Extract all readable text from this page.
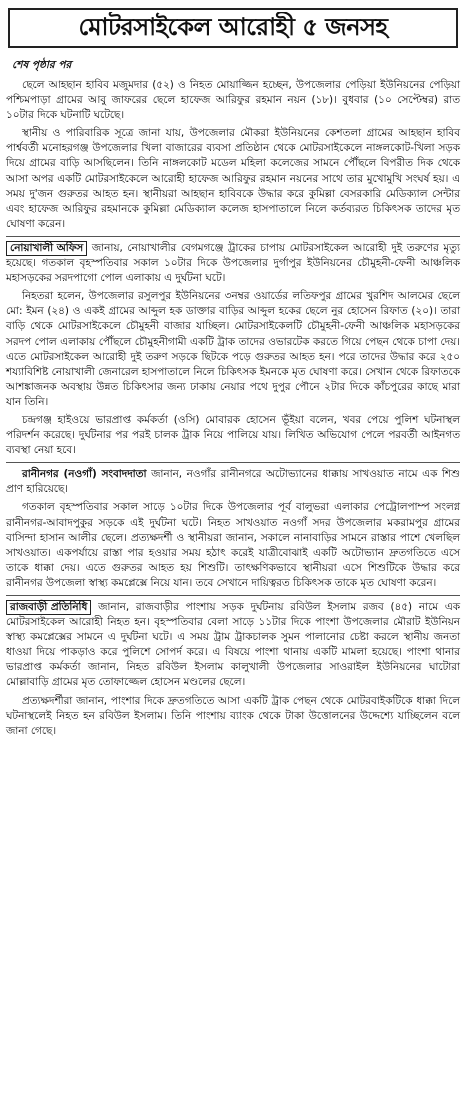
মোটরসাইকেল আরোহী ৫ জনসহ
শেষ পৃষ্ঠার পর

ছেলে আহছান হাবিব মজুমদার (৫২) ও নিহত মোয়াজ্জিন হচ্ছেন, উপজেলার পেড়িয়া ইউনিয়নের পেড়িয়া পশ্চিমপাড়া গ্রামের আবু জাফরের ছেলে হাফেজ আরিফুর রহমান নয়ন (১৮)। বুধবার (১০ সেপ্টেম্বর) রাত ১০টার দিকে ঘটনাটি ঘটেছে।

স্থানীয় ও পারিবারিক সূত্রে জানা যায়, উপজেলার মৌকরা ইউনিয়নের কেশতলা গ্রামের আহছান হাবিব পার্শ্ববর্তী মনোহরগঞ্জ উপজেলার খিলা বাজারের ব্যবসা প্রতিষ্ঠান থেকে মোটরসাইকেলে নাঙ্গলকোট-খিলা সড়ক দিয়ে গ্রামের বাড়ি আসছিলেন। তিনি নাঙ্গলকোট মডেল মহিলা কলেজের সামনে পৌঁছলে বিপরীত দিক থেকে আসা অপর একটি মোটরসাইকেলে আরোহী হাফেজ আরিফুর রহমান নয়নের সাথে তার মুখোমুখি সংঘর্ষ হয়। এ সময় দু'জন গুরুতর আহত হন। স্থানীয়রা আহছান হাবিবকে উদ্ধার করে কুমিল্লা বেসরকারি মেডিক্যাল সেন্টার এবং হাফেজ আরিফুর রহমানকে কুমিল্লা মেডিক্যাল কলেজ হাসপাতালে নিলে কর্তব্যরত চিকিৎসক তাদের মৃত ঘোষণা করেন।

নোয়াখালী অফিস জানায়, নোয়াখালীর বেগমগঞ্জে ট্রাকের চাপায় মোটরসাইকেল আরোহী দুই তরুণের মৃত্যু হয়েছে। গতকাল বৃহস্পতিবার সকাল ১০টার দিকে উপজেলার দুর্গাপুর ইউনিয়নের চৌমুহনী-ফেনী আঞ্চলিক মহাসড়কের সরদপাগো পোল এলাকায় এ দুর্ঘটনা ঘটে।

নিহতরা হলেন, উপজেলার রসুলপুর ইউনিয়নের ৩নম্বর ওয়ার্ডের লতিফপুর গ্রামের খুরশিদ আলমের ছেলে মো: ইমন (২৪) ও একই গ্রামের আব্দুল হক ডাক্তার বাড়ির আব্দুল হকের ছেলে নুর হোসেন রিফাত (২০)। তারা বাড়ি থেকে মোটরসাইকেলে চৌমুহনী বাজার যাচ্ছিল। মোটরসাইকেলটি চৌমুহনী-ফেনী আঞ্চলিক মহাসড়কের সরদপ পোল এলাকায় পৌঁছলে চৌমুহনীগামী একটি ট্রাক তাদের ওভারটেক করতে গিয়ে পেছন থেকে চাপা দেয়। এতে মোটরসাইকেল আরোহী দুই তরুণ সড়কে ছিটকে পড়ে গুরুতর আহত হন। পরে তাদের উদ্ধার করে ২৫০ শয্যাবিশিষ্ট নোয়াখালী জেনারেল হাসপাতালে নিলে চিকিৎসক ইমনকে মৃত ঘোষণা করে। সেখান থেকে রিফাতকে আশঙ্কাজনক অবস্থায় উন্নত চিকিৎসার জন্য ঢাকায় নেয়ার পথে দুপুর পৌনে ২টার দিকে কাঁচপুরের কাছে মারা যান তিনি।

চন্দ্রগঞ্জ হাইওয়ে ভারপ্রাপ্ত কর্মকর্তা (ওসি) মোবারক হোসেন ভূঁইয়া বলেন, খবর পেয়ে পুলিশ ঘটনাস্থল পরিদর্শন করেছে। দুর্ঘটনার পর পরই চালক ট্রাক নিয়ে পালিয়ে যায়। লিখিত অভিযোগ পেলে পরবর্তী আইনগত ব্যবস্থা নেয়া হবে।

রানীনগর (নওগাঁ) সংবাদদাতা জানান, নওগাঁর রানীনগরে অটোভ্যানের ধাক্কায় সাখওয়াত নামে এক শিশু প্রাণ হারিয়েছে।

গতকাল বৃহস্পতিবার সকাল সাড়ে ১০টার দিকে উপজেলার পূর্ব বালুভরা এলাকার পেট্রোলপাম্প সংলগ্ন রানীনগর-আবাদপুকুর সড়কে এই দুর্ঘটনা ঘটে। নিহত সাখওয়াত নওগাঁ সদর উপজেলার মকরামপুর গ্রামের বাসিন্দা হাসান আলীর ছেলে। প্রত্যক্ষদর্শী ও স্থানীয়রা জানান, সকালে নানাবাড়ির সামনে রাস্তার পাশে খেলছিল সাখওয়াত। একপর্যায়ে রাস্তা পার হওয়ার সময় হঠাৎ করেই যাত্রীবোঝাই একটি অটোভ্যান দ্রুতগতিতে এসে তাকে ধাক্কা দেয়। এতে গুরুতর আহত হয় শিশুটি। তাৎক্ষণিকভাবে স্থানীয়রা এসে শিশুটিকে উদ্ধার করে রানীনগর উপজেলা স্বাস্থ্য কমপ্লেক্সে নিয়ে যান। তবে সেখানে দায়িত্বরত চিকিৎসক তাকে মৃত ঘোষণা করেন।

রাজবাড়ী প্রতিনিধি জানান, রাজবাড়ীর পাংশায় সড়ক দুর্ঘটনায় রবিউল ইসলাম রজব (৪৫) নামে এক মোটরসাইকেল আরোহী নিহত হন। বৃহস্পতিবার বেলা সাড়ে ১১টার দিকে পাংশা উপজেলার মৌরাট ইউনিয়ন স্বাস্থ্য কমপ্লেক্সের সামনে এ দুর্ঘটনা ঘটে। এ সময় ট্রাম ট্রাকচালক সুমন পালানোর চেষ্টা করলে স্থানীয় জনতা ধাওয়া দিয়ে পাকড়াও করে পুলিশে সোপর্দ করে। এ বিষয়ে পাংশা থানায় একটি মামলা হয়েছে। পাংশা থানার ভারপ্রাপ্ত কর্মকর্তা জানান, নিহত রবিউল ইসলাম কালুখালী উপজেলার সাওরাইল ইউনিয়নের ঘাটোরা মোল্লাবাড়ি গ্রামের মৃত তোফাজ্জেল হোসেন মণ্ডলের ছেলে।

প্রত্যক্ষদর্শীরা জানান, পাংশার দিকে দ্রুতগতিতে আসা একটি ট্রাক পেছন থেকে মোটরবাইকটিকে ধাক্কা দিলে ঘটনাস্থলেই নিহত হন রবিউল ইসলাম। তিনি পাংশায় ব্যাংক থেকে টাকা উত্তোলনের উদ্দেশ্যে যাচ্ছিলেন বলে জানা গেছে।
